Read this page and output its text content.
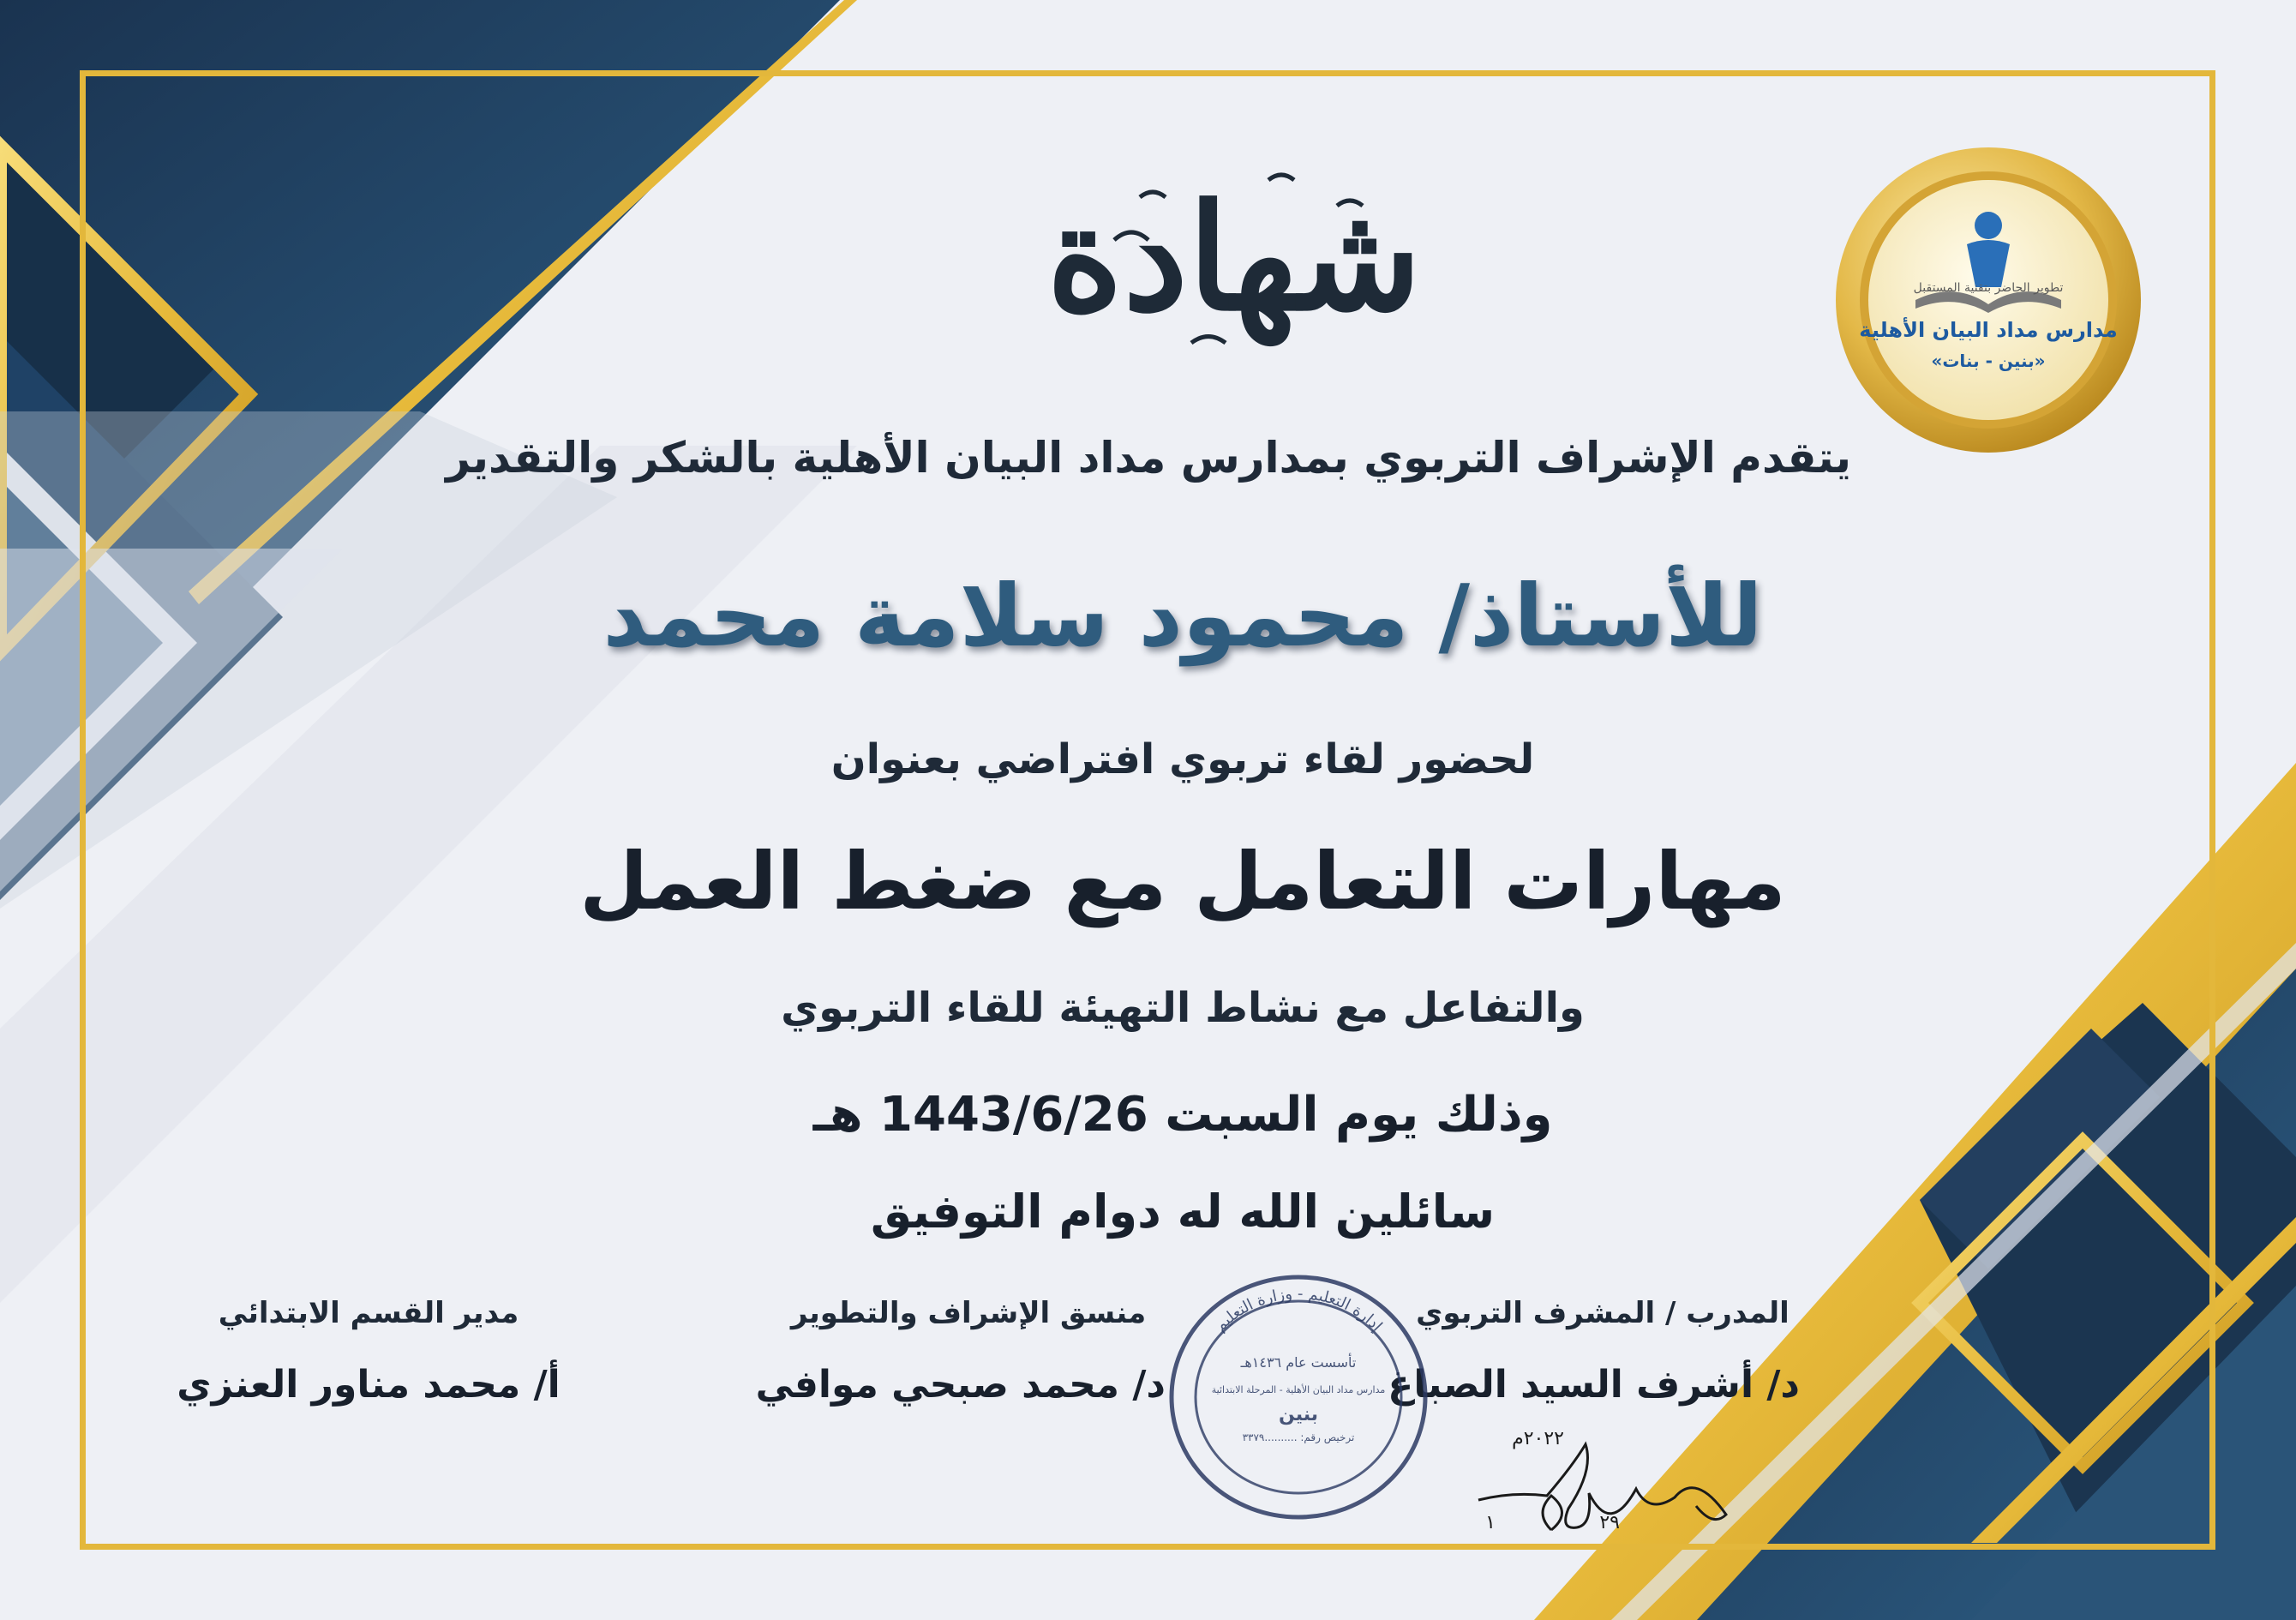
شهادة
يتقدم الإشراف التربوي بمدارس مداد البيان الأهلية بالشكر والتقدير
للأستاذ/ محمود سلامة محمد
لحضور لقاء تربوي افتراضي بعنوان
مهارات التعامل مع ضغط العمل
والتفاعل مع نشاط التهيئة للقاء التربوي
وذلك يوم السبت 1443/6/26 هـ
سائلين الله له دوام التوفيق
المدرب / المشرف التربوي
د/ أشرف السيد الصباغ
منسق الإشراف والتطوير
د/ محمد صبحي موافي
مدير القسم الابتدائي
أ/ محمد مناور العنزي
تطوير الحاضر بتقنية المستقبل
مدارس مداد البيان الأهلية
«بنين - بنات»
إدارة التعليم - وزارة التعليم
تأسست عام ١٤٣٦هـ
مدارس مداد البيان الأهلية - المرحلة الابتدائية
بنين
ترخيص رقم: ..........٣٣٧٩	٢٠٢٢م
٢٩
١
